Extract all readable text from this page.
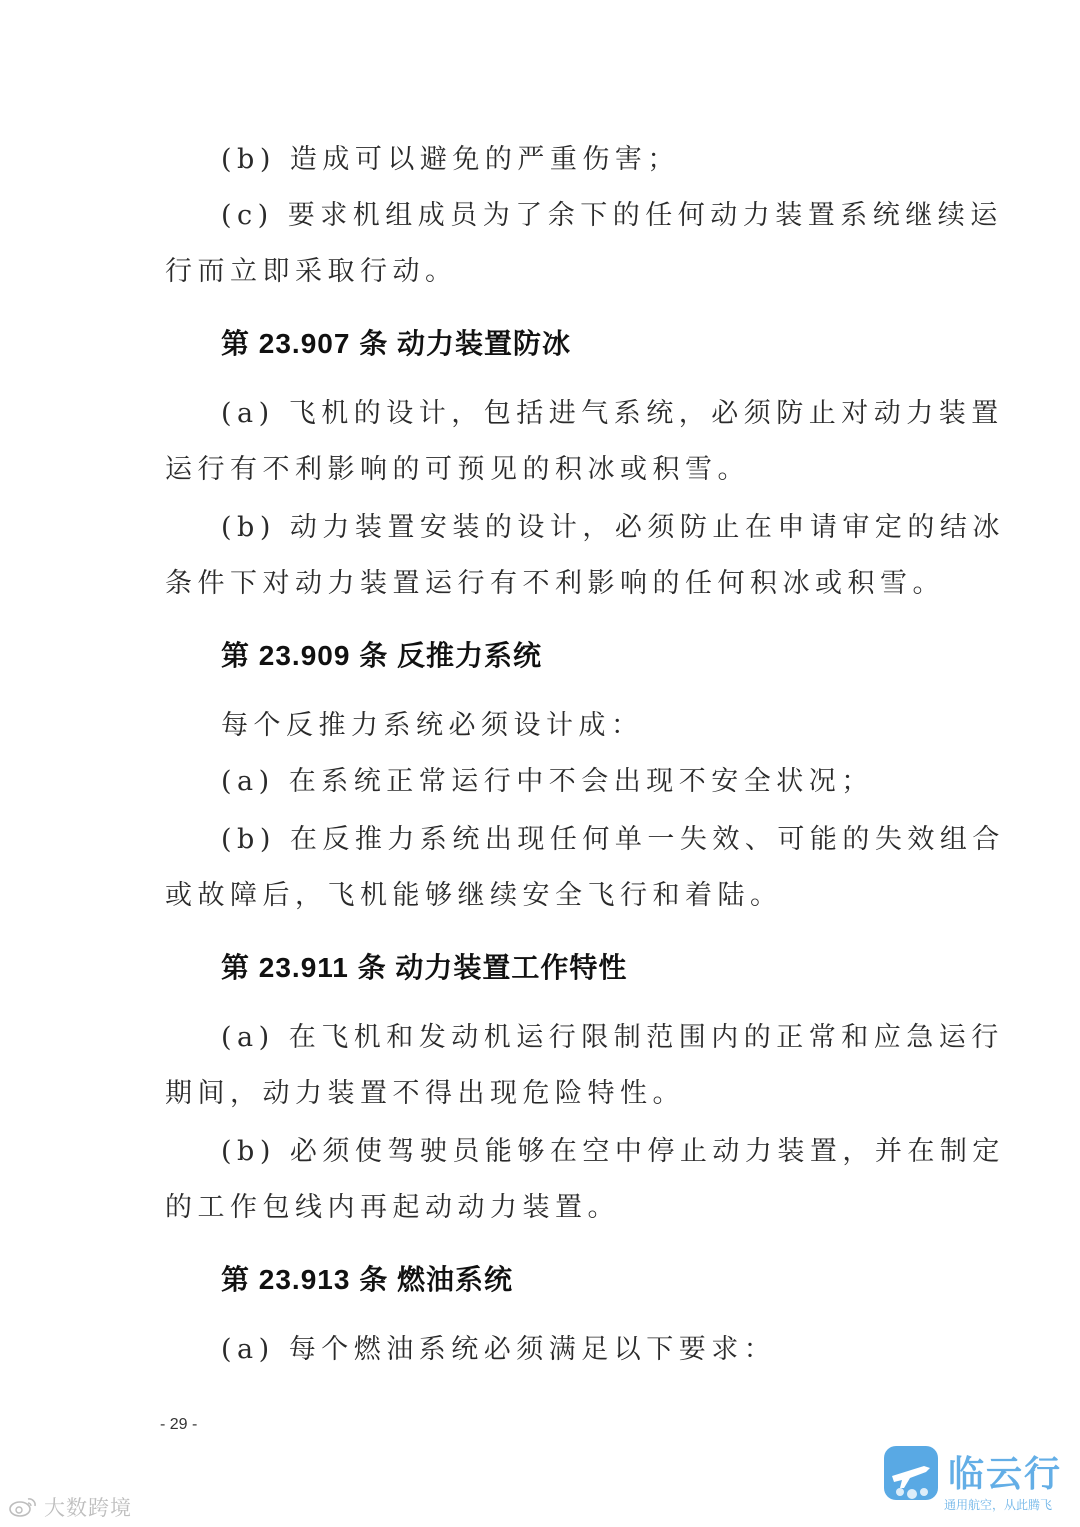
(b) 造成可以避免的严重伤害；
(c) 要求机组成员为了余下的任何动力装置系统继续运
行而立即采取行动。
第 23.907 条 动力装置防冰
(a) 飞机的设计，包括进气系统，必须防止对动力装置
运行有不利影响的可预见的积冰或积雪。
(b) 动力装置安装的设计，必须防止在申请审定的结冰
条件下对动力装置运行有不利影响的任何积冰或积雪。
第 23.909 条 反推力系统
每个反推力系统必须设计成：
(a) 在系统正常运行中不会出现不安全状况；
(b) 在反推力系统出现任何单一失效、可能的失效组合
或故障后，飞机能够继续安全飞行和着陆。
第 23.911 条 动力装置工作特性
(a) 在飞机和发动机运行限制范围内的正常和应急运行
期间，动力装置不得出现危险特性。
(b) 必须使驾驶员能够在空中停止动力装置，并在制定
的工作包线内再起动动力装置。
第 23.913 条 燃油系统
(a) 每个燃油系统必须满足以下要求：
- 29 -
大数跨境
临云行
通用航空，从此腾飞
